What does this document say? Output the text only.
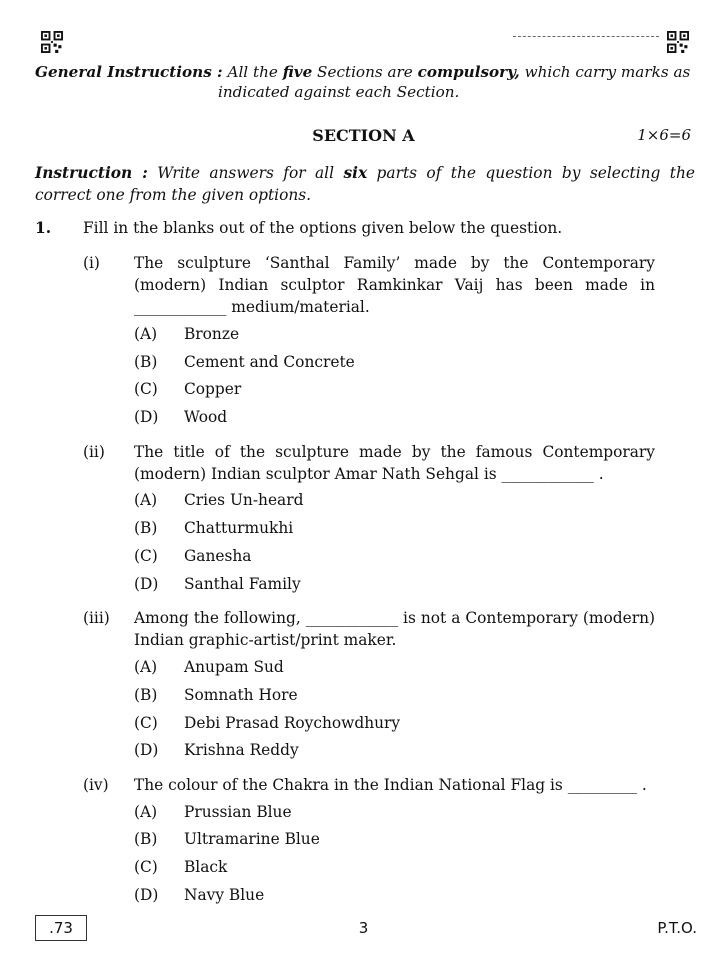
General Instructions : All the five Sections are compulsory, which carry marks as
indicated against each Section.
SECTION A	1×6=6
Instruction : Write answers for all six parts of the question by selecting the correct one from the given options.
1. Fill in the blanks out of the options given below the question.
(i) The sculpture ‘Santhal Family’ made by the Contemporary (modern) Indian sculptor Ramkinkar Vaij has been made in ____________ medium/material.
(A) Bronze
(B) Cement and Concrete
(C) Copper
(D) Wood
(ii) The title of the sculpture made by the famous Contemporary (modern) Indian sculptor Amar Nath Sehgal is ____________ .
(A) Cries Un-heard
(B) Chatturmukhi
(C) Ganesha
(D) Santhal Family
(iii) Among the following, ____________ is not a Contemporary (modern) Indian graphic-artist/print maker.
(A) Anupam Sud
(B) Somnath Hore
(C) Debi Prasad Roychowdhury
(D) Krishna Reddy
(iv) The colour of the Chakra in the Indian National Flag is _________ .
(A) Prussian Blue
(B) Ultramarine Blue
(C) Black
(D) Navy Blue
.73	3	P.T.O.
